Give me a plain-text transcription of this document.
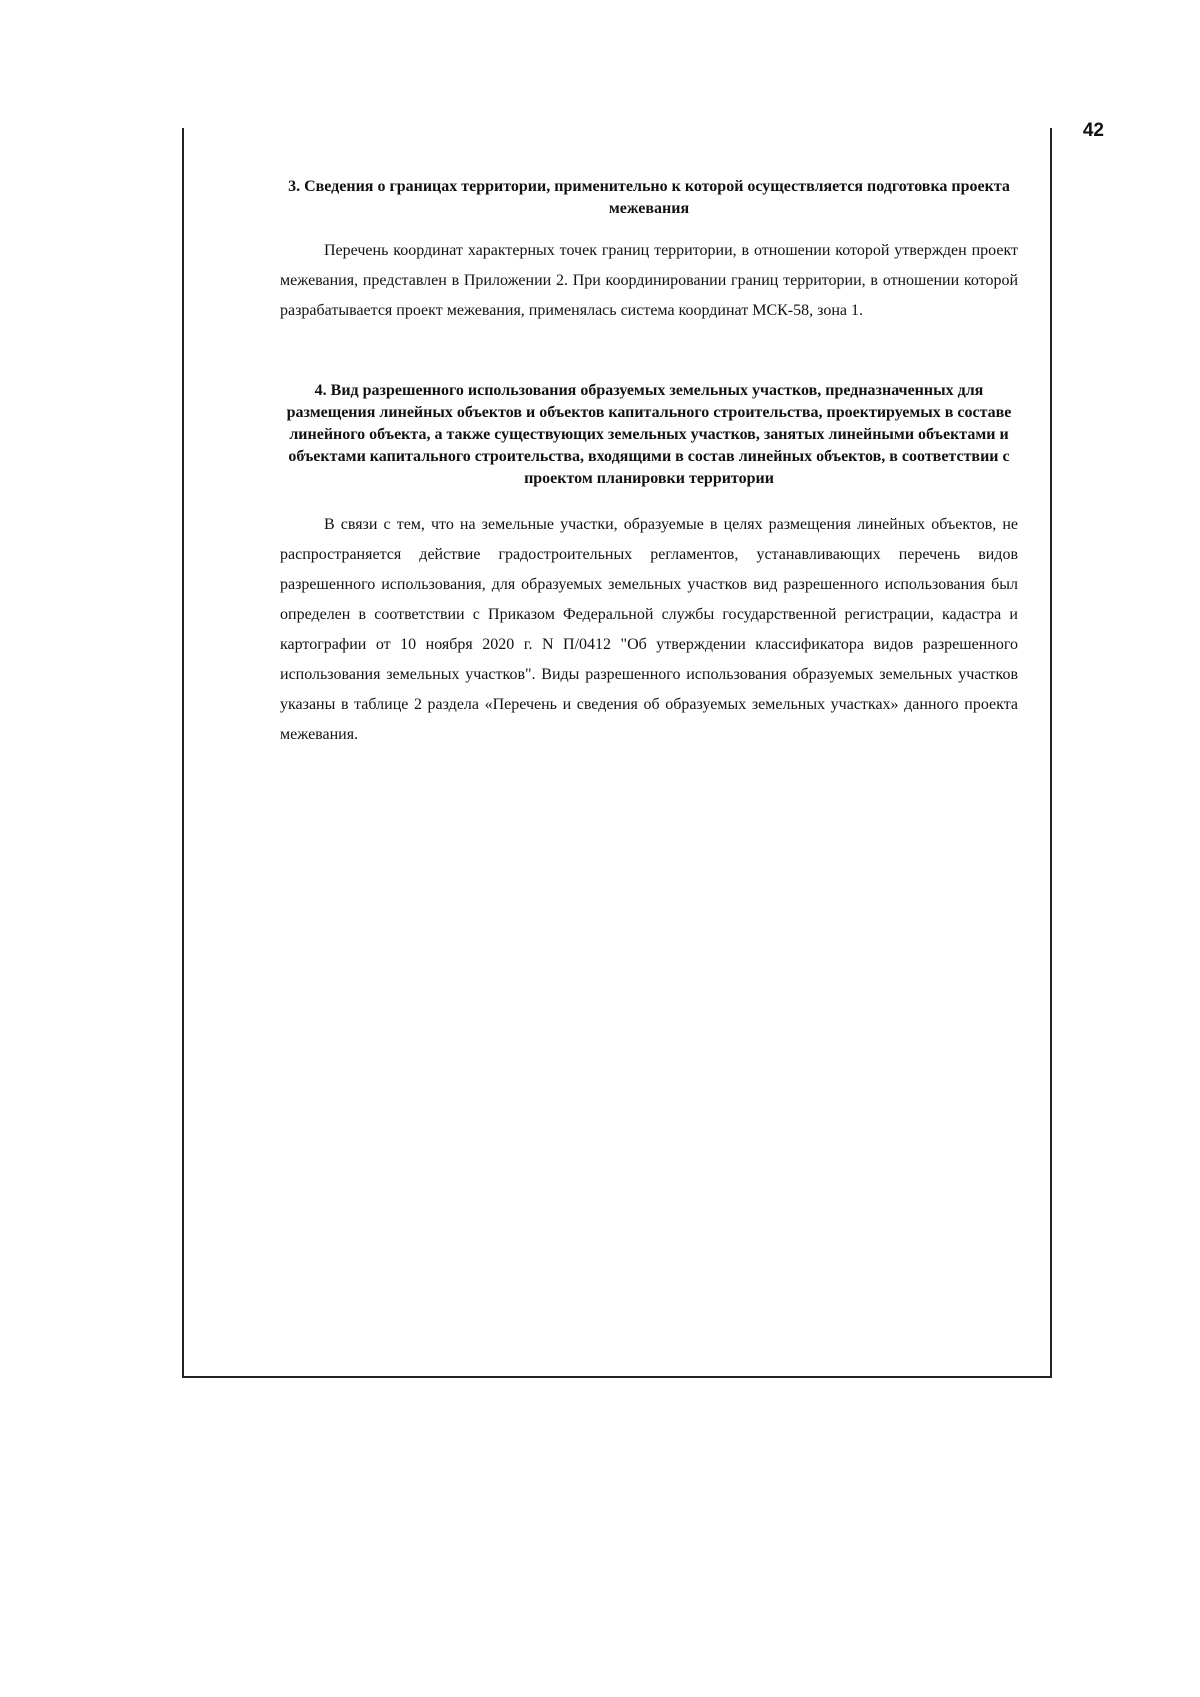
42

3. Сведения о границах территории, применительно к которой осуществляется подготовка проекта межевания

Перечень координат характерных точек границ территории, в отношении которой утвержден проект межевания, представлен в Приложении 2. При координировании границ территории, в отношении которой разрабатывается проект межевания, применялась система координат МСК-58, зона 1.

4. Вид разрешенного использования образуемых земельных участков, предназначенных для размещения линейных объектов и объектов капитального строительства, проектируемых в составе линейного объекта, а также существующих земельных участков, занятых линейными объектами и объектами капитального строительства, входящими в состав линейных объектов, в соответствии с проектом планировки территории

В связи с тем, что на земельные участки, образуемые в целях размещения линейных объектов, не распространяется действие градостроительных регламентов, устанавливающих перечень видов разрешенного использования, для образуемых земельных участков вид разрешенного использования был определен в соответствии с Приказом Федеральной службы государственной регистрации, кадастра и картографии от 10 ноября 2020 г. N П/0412 "Об утверждении классификатора видов разрешенного использования земельных участков". Виды разрешенного использования образуемых земельных участков указаны в таблице 2 раздела «Перечень и сведения об образуемых земельных участках» данного проекта межевания.
